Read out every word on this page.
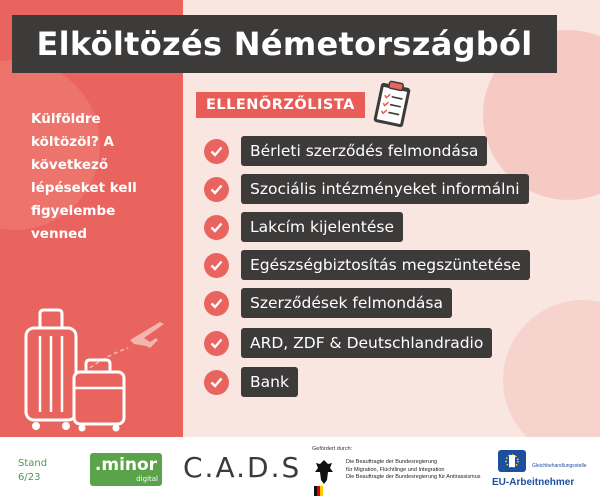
Elköltözés Németországból
Külföldre költözöl? A következő lépéseket kell figyelembe venned
ELLENŐRZŐLISTA
Bérleti szerződés felmondása
Szociális intézményeket informálni
Lakcím kijelentése
Egészségbiztosítás megszüntetése
Szerződések felmondása
ARD, ZDF & Deutschlandradio
Bank
Stand
6/23
.minor
digital C.A.D.S
Gefördert durch:
Die Beauftragte der Bundesregierung
für Migration, Flüchtlinge und Integration
Die Beauftragte der Bundesregierung für Antirassismus
Gleichbehandlungsstelle
EU-Arbeitnehmer
